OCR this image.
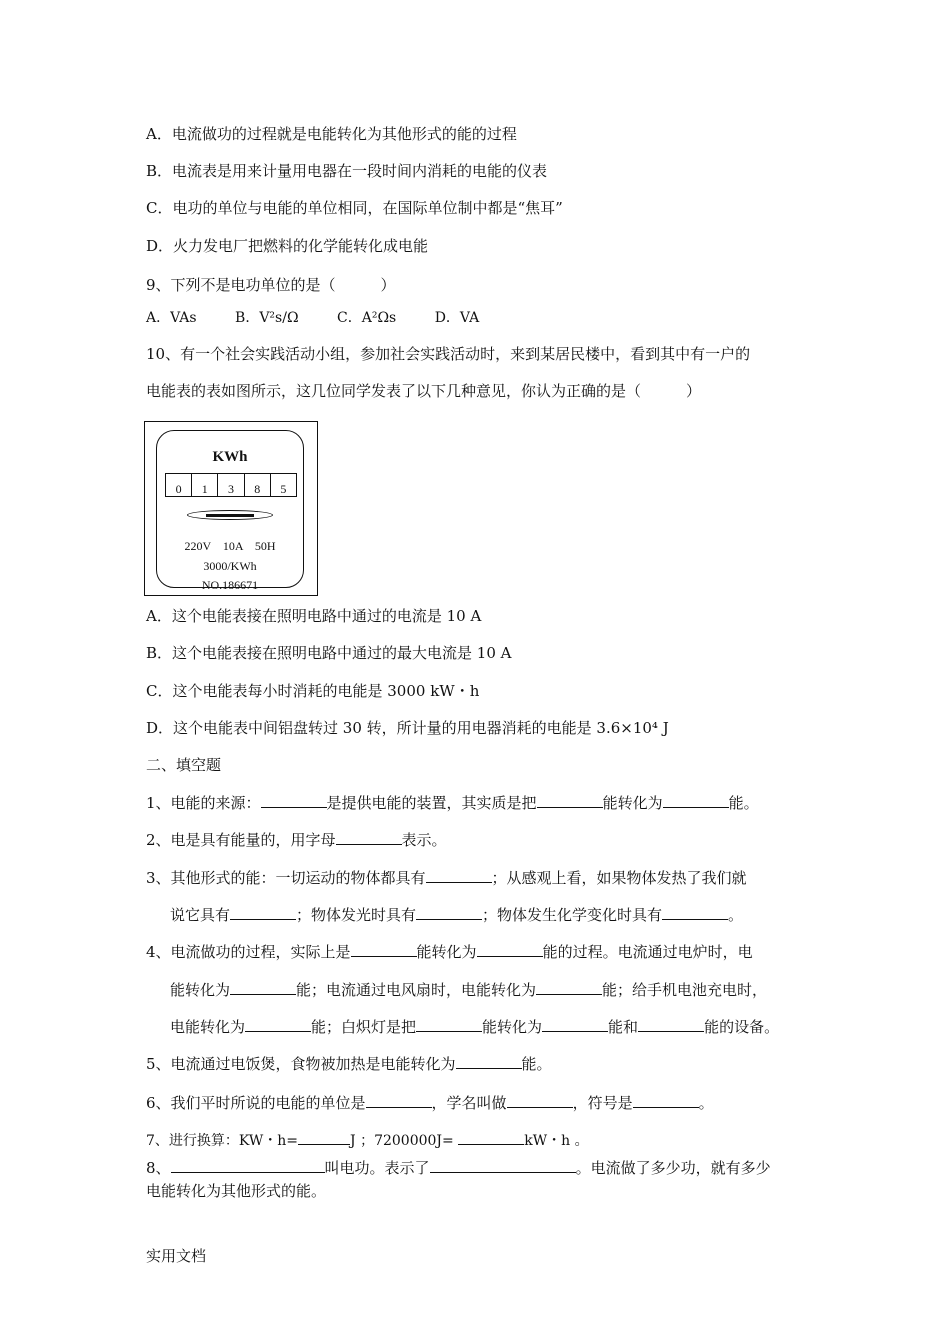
A．电流做功的过程就是电能转化为其他形式的能的过程
B．电流表是用来计量用电器在一段时间内消耗的电能的仪表
C．电功的单位与电能的单位相同，在国际单位制中都是“焦耳”
D．火力发电厂把燃料的化学能转化成电能
9、下列不是电功单位的是（　　　）
A．VAs	B．V²s/Ω	C．A²Ωs	D．VA
10、有一个社会实践活动小组，参加社会实践活动时，来到某居民楼中，看到其中有一户的
电能表的表如图所示，这几位同学发表了以下几种意见，你认为正确的是（　　　）
KWh
0	1	3	8	5
220V　10A　50H
3000/KWh
NO.186671
A．这个电能表接在照明电路中通过的电流是 10 A
B．这个电能表接在照明电路中通过的最大电流是 10 A
C．这个电能表每小时消耗的电能是 3000 kW・h
D．这个电能表中间铝盘转过 30 转，所计量的用电器消耗的电能是 3.6×10⁴ J
二、填空题
1、电能的来源：	是提供电能的装置，其实质是把	能转化为	能。
2、电是具有能量的，用字母	表示。
3、其他形式的能：一切运动的物体都具有	；从感观上看，如果物体发热了我们就
说它具有	；物体发光时具有	；物体发生化学变化时具有	。
4、电流做功的过程，实际上是	能转化为	能的过程。电流通过电炉时，电
能转化为	能；电流通过电风扇时，电能转化为	能；给手机电池充电时，
电能转化为	能；白炽灯是把	能转化为	能和	能的设备。
5、电流通过电饭煲，食物被加热是电能转化为	能。
6、我们平时所说的电能的单位是	，学名叫做	，符号是	。
7、进行换算：KW・h=	J ；7200000J=	kW・h 。
8、	叫电功。表示了	。电流做了多少功，就有多少
电能转化为其他形式的能。
实用文档
